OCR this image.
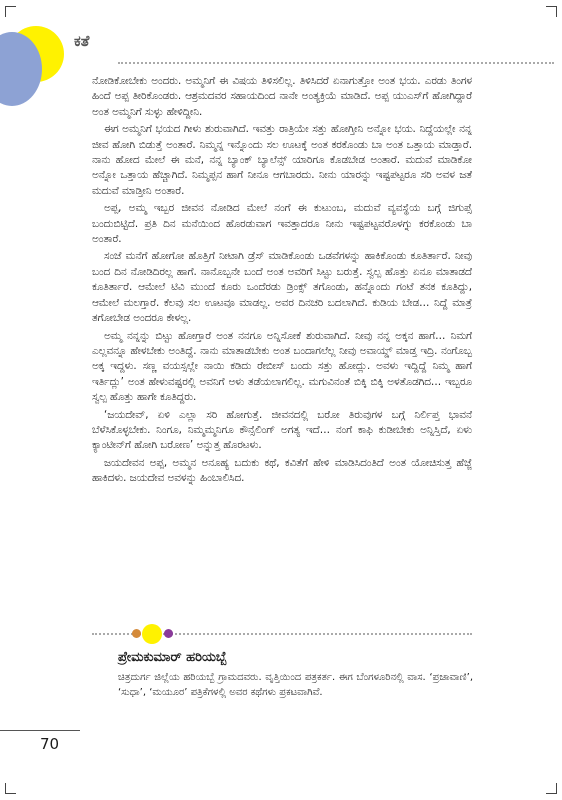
ಕತೆ

ನೋಡಿಕೋಬೇಕು ಅಂದರು. ಅಮ್ಮನಿಗೆ ಈ ವಿಷಯ ತಿಳಿಸಲಿಲ್ಲ. ತಿಳಿಸಿದರೆ ಏನಾಗುತ್ತೋ ಅಂತ ಭಯ. ಎರಡು ತಿಂಗಳ ಹಿಂದೆ ಅಪ್ಪ ತೀರಿಕೊಂಡರು. ಆಶ್ರಮದವರ ಸಹಾಯದಿಂದ ನಾನೇ ಅಂತ್ಯಕ್ರಿಯೆ ಮಾಡಿದೆ. ಅಪ್ಪ ಯುಎಸ್‌ಗೆ ಹೋಗಿದ್ದಾರೆ ಅಂತ ಅಮ್ಮನಿಗೆ ಸುಳ್ಳು ಹೇಳಿದ್ದೀನಿ.

ಈಗ ಅಮ್ಮನಿಗೆ ಭಯದ ಗೀಳು ಶುರುವಾಗಿದೆ. ಇವತ್ತು ರಾತ್ರಿಯೇ ಸತ್ತು ಹೋಗ್ತೀನಿ ಅನ್ನೋ ಭಯ. ನಿದ್ದೆಯಲ್ಲೇ ನನ್ನ ಜೀವ ಹೋಗಿ ಬಿಡುತ್ತೆ ಅಂತಾರೆ. ನಿಮ್ಮನ್ನ ಇನ್ನೊಂದು ಸಲ ಊಟಕ್ಕೆ ಅಂತ ಕರಕೊಂಡು ಬಾ ಅಂತ ಒತ್ತಾಯ ಮಾಡ್ತಾರೆ. ನಾನು ಹೋದ ಮೇಲೆ ಈ ಮನೆ, ನನ್ನ ಬ್ಯಾಂಕ್ ಬ್ಯಾಲೆನ್ಸ್ ಯಾರಿಗೂ ಕೊಡಬೇಡ ಅಂತಾರೆ. ಮದುವೆ ಮಾಡಿಕೋ ಅನ್ನೋ ಒತ್ತಾಯ ಹೆಚ್ಚಾಗಿದೆ. ನಿಮ್ಮಪ್ಪನ ಹಾಗೆ ನೀನೂ ಆಗಬಾರದು. ನೀನು ಯಾರನ್ನು ಇಷ್ಟಪಟ್ಟರೂ ಸರಿ ಅವಳ ಜತೆ ಮದುವೆ ಮಾಡ್ತೀನಿ ಅಂತಾರೆ.

ಅಪ್ಪ, ಅಮ್ಮ ಇಬ್ಬರ ಜೀವನ ನೋಡಿದ ಮೇಲೆ ನಂಗೆ ಈ ಕುಟುಂಬ, ಮದುವೆ ವ್ಯವಸ್ಥೆಯ ಬಗ್ಗೆ ಜಿಗುಪ್ಸೆ ಬಂದುಬಿಟ್ಟಿದೆ. ಪ್ರತಿ ದಿನ ಮನೆಯಿಂದ ಹೊರಡುವಾಗ ಇವತ್ತಾದರೂ ನೀನು ಇಷ್ಟಪಟ್ಟವರೊಳಗ್ನು ಕರಕೊಂಡು ಬಾ ಅಂತಾರೆ.

ಸಂಜೆ ಮನೆಗೆ ಹೋಗೋ ಹೊತ್ತಿಗೆ ನೀಟಾಗಿ ಡ್ರೆಸ್ ಮಾಡಿಕೊಂಡು ಒಡವೆಗಳನ್ನು ಹಾಕಿಕೊಂಡು ಕೂತಿರ್ತಾರೆ. ನೀವು ಬಂದ ದಿನ ನೋಡಿದಿರಲ್ಲ ಹಾಗೆ. ನಾನೊಬ್ಬನೇ ಬಂದೆ ಅಂತ ಅವರಿಗೆ ಸಿಟ್ಟು ಬರುತ್ತೆ. ಸ್ವಲ್ಪ ಹೊತ್ತು ಏನೂ ಮಾತಾಡದೆ ಕೂತಿರ್ತಾರೆ. ಆಮೇಲೆ ಟಿವಿ ಮುಂದೆ ಕೂರು ಒಂದೆರಡು ಡ್ರಿಂಕ್ಸ್ ತಗೊಂಡು, ಹನ್ನೊಂದು ಗಂಟೆ ತನಕ ಕೂತಿದ್ದು, ಆಮೇಲೆ ಮಲಗ್ತಾರೆ. ಕೆಲವು ಸಲ ಊಟವೂ ಮಾಡಲ್ಲ. ಅವರ ದಿನಚರಿ ಬದಲಾಗಿದೆ. ಕುಡಿಯ ಬೇಡ… ನಿದ್ದೆ ಮಾತ್ರೆ ತಗೋಬೇಡ ಅಂದರೂ ಕೇಳಲ್ಲ.

ಅಮ್ಮ ನನ್ನನ್ನು ಬಿಟ್ಟು ಹೋಗ್ತಾರೆ ಅಂತ ನನಗೂ ಅನ್ನಿಸೋಕೆ ಶುರುವಾಗಿದೆ. ನೀವು ನನ್ನ ಅಕ್ಕನ ಹಾಗೆ… ನಿಮಗೆ ಎಲ್ಲವನ್ನೂ ಹೇಳಬೇಕು ಅಂತಿದ್ದೆ. ನಾನು ಮಾತಾಡಬೇಕು ಅಂತ ಬಂದಾಗಲೆಲ್ಲ ನೀವು ಅವಾಯ್ಡ್ ಮಾಡ್ತ ಇದ್ರಿ. ನಂಗೊಬ್ಬ ಅಕ್ಕ ಇದ್ದಳು. ಸಣ್ಣ ವಯಸ್ಸಲ್ಲೇ ನಾಯಿ ಕಡಿದು ರೇಬೀಸ್ ಬಂದು ಸತ್ತು ಹೋದ್ಲು. ಅವಳು ಇದ್ದಿದ್ದೆ ನಿಮ್ಮ ಹಾಗೆ ಇರ್ತಿದ್ಲು’ ಅಂತ ಹೇಳುವಷ್ಟರಲ್ಲಿ ಅವನಿಗೆ ಅಳು ತಡೆಯಲಾಗಲಿಲ್ಲ. ಮಗುವಿನಂತೆ ಬಿಕ್ಕಿ ಬಿಕ್ಕಿ ಅಳತೊಡಗಿದ… ಇಬ್ಬರೂ ಸ್ವಲ್ಪ ಹೊತ್ತು ಹಾಗೇ ಕೂತಿದ್ದರು.

‘ಜಯದೇವ್, ಏಳಿ ಎಲ್ಲಾ ಸರಿ ಹೋಗುತ್ತೆ. ಜೀವನದಲ್ಲಿ ಬರೋ ತಿರುವುಗಳ ಬಗ್ಗೆ ನಿರ್ಲಿಪ್ತ ಭಾವನೆ ಬೆಳೆಸಿಕೊಳ್ಳಬೇಕು. ನಿಂಗೂ, ನಿಮ್ಮಮ್ಮನಿಗೂ ಕೌನ್ಸೆಲಿಂಗ್ ಅಗತ್ಯ ಇದೆ… ನಂಗೆ ಕಾಫಿ ಕುಡೀಬೇಕು ಅನ್ನಿಸ್ತಿದೆ, ಏಳು ಕ್ಯಾಂಟೀನ್‌ಗೆ ಹೋಗಿ ಬರೋಣ’ ಅನ್ನುತ್ತ ಹೊರಟಳು.

ಜಯದೇವನ ಅಪ್ಪ, ಅಮ್ಮನ ಅನೂಹ್ಯ ಬದುಕು ಕಥೆ, ಕವಿತೆಗೆ ಹೇಳಿ ಮಾಡಿಸಿದಂತಿದೆ ಅಂತ ಯೋಚಿಸುತ್ತ ಹೆಜ್ಜೆ ಹಾಕಿದಳು. ಜಯದೇವ ಅವಳನ್ನು ಹಿಂಬಾಲಿಸಿದ.

ಪ್ರೇಮಕುಮಾರ್ ಹರಿಯಬ್ಬೆ
ಚಿತ್ರದುರ್ಗ ಜಿಲ್ಲೆಯ ಹರಿಯಬ್ಬೆ ಗ್ರಾಮದವರು. ವೃತ್ತಿಯಿಂದ ಪತ್ರಕರ್ತ. ಈಗ ಬೆಂಗಳೂರಿನಲ್ಲಿ ವಾಸ. ‘ಪ್ರಜಾವಾಣಿ’, ‘ಸುಧಾ’, ‘ಮಯೂರ’ ಪತ್ರಿಕೆಗಳಲ್ಲಿ ಅವರ ಕಥೆಗಳು ಪ್ರಕಟವಾಗಿವೆ.
70
